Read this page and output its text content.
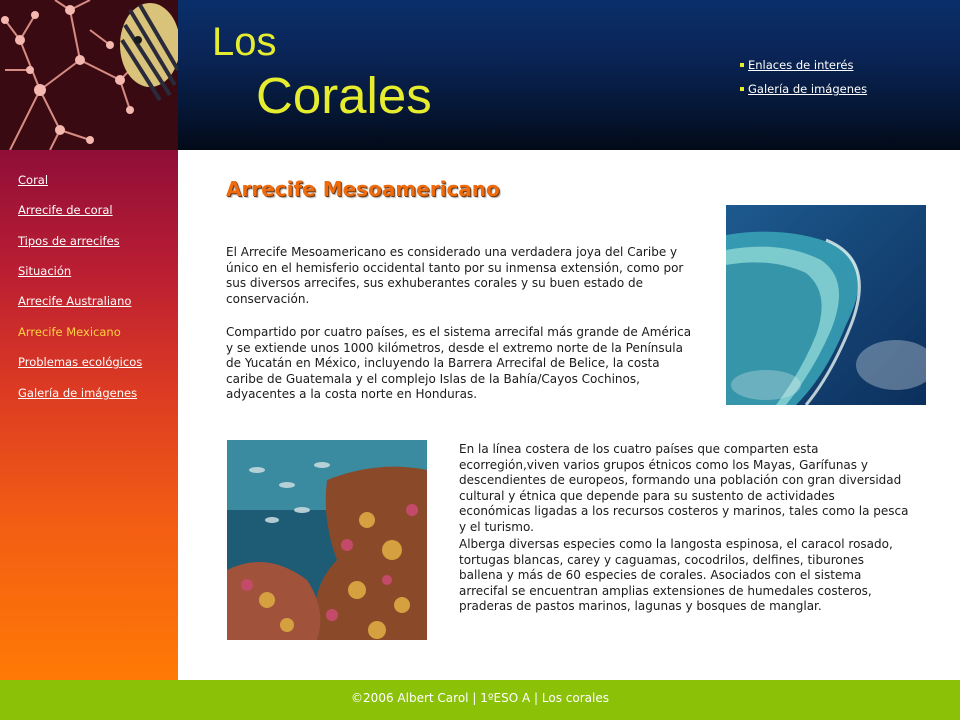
Los
Corales
Enlaces de interés
Galería de imágenes
Coral
Arrecife de coral
Tipos de arrecifes
Situación
Arrecife Australiano
Arrecife Mexicano
Problemas ecológicos
Galería de imágenes
Arrecife Mesoamericano
El Arrecife Mesoamericano es considerado una verdadera joya del Caribe y único en el hemisferio occidental tanto por su inmensa extensión, como por sus diversos arrecifes, sus exhuberantes corales y su buen estado de conservación.
Compartido por cuatro países, es el sistema arrecifal más grande de América y se extiende unos 1000 kilómetros, desde el extremo norte de la Península de Yucatán en México, incluyendo la Barrera Arrecifal de Belice, la costa caribe de Guatemala y el complejo Islas de la Bahía/Cayos Cochinos, adyacentes a la costa norte en Honduras.
En la línea costera de los cuatro países que comparten esta ecorregión,viven varios grupos étnicos como los Mayas, Garífunas y descendientes de europeos, formando una población con gran diversidad cultural y étnica que depende para su sustento de actividades económicas ligadas a los recursos costeros y marinos, tales como la pesca y el turismo.
Alberga diversas especies como la langosta espinosa, el caracol rosado, tortugas blancas, carey y caguamas, cocodrilos, delfines, tiburones ballena y más de 60 especies de corales. Asociados con el sistema arrecifal se encuentran amplias extensiones de humedales costeros, praderas de pastos marinos, lagunas y bosques de manglar.
©2006 Albert Carol | 1ºESO A | Los corales
